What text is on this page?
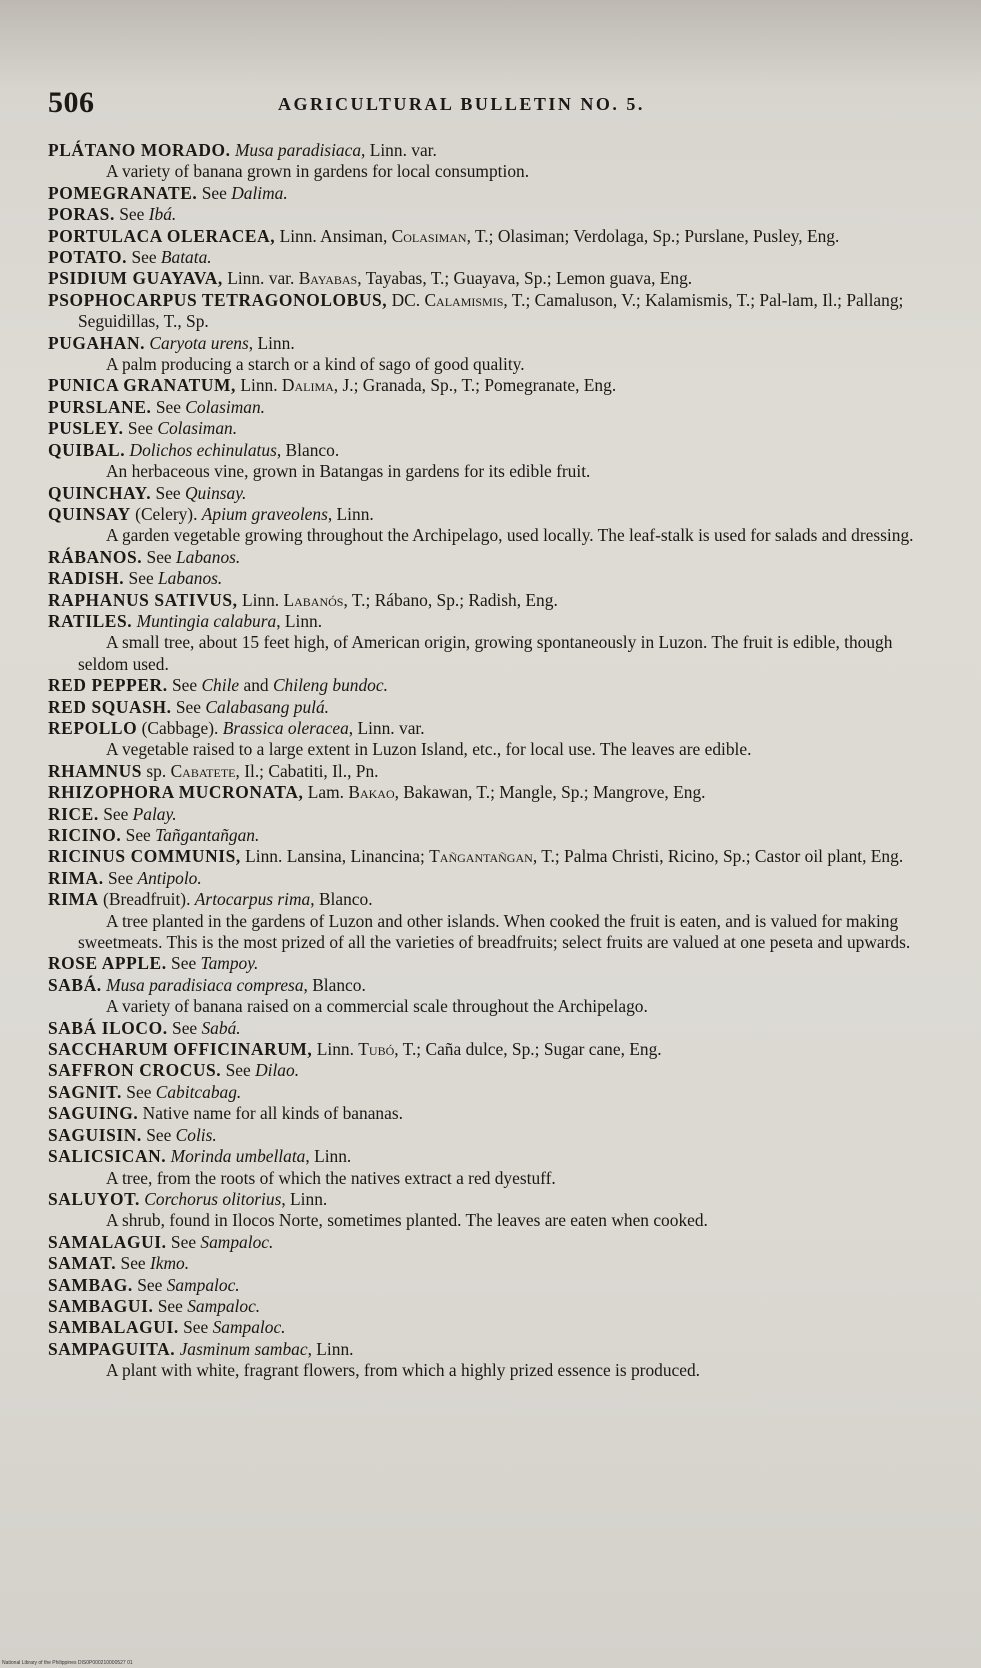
506	AGRICULTURAL BULLETIN NO. 5.

PLÁTANO MORADO. Musa paradisiaca, Linn. var.

A variety of banana grown in gardens for local consumption.

POMEGRANATE. See Dalima.

PORAS. See Ibá.

PORTULACA OLERACEA, Linn. Ansiman, Colasiman, T.; Olasiman; Verdolaga, Sp.; Purslane, Pusley, Eng.

POTATO. See Batata.

PSIDIUM GUAYAVA, Linn. var. Bayabas, Tayabas, T.; Guayava, Sp.; Lemon guava, Eng.

PSOPHOCARPUS TETRAGONOLOBUS, DC. Calamismis, T.; Camaluson, V.; Kalamismis, T.; Pal-lam, Il.; Pallang; Seguidillas, T., Sp.

PUGAHAN. Caryota urens, Linn.

A palm producing a starch or a kind of sago of good quality.

PUNICA GRANATUM, Linn. Dalima, J.; Granada, Sp., T.; Pomegranate, Eng.

PURSLANE. See Colasiman.

PUSLEY. See Colasiman.

QUIBAL. Dolichos echinulatus, Blanco.

An herbaceous vine, grown in Batangas in gardens for its edible fruit.

QUINCHAY. See Quinsay.

QUINSAY (Celery). Apium graveolens, Linn.

A garden vegetable growing throughout the Archipelago, used locally. The leaf-stalk is used for salads and dressing.

RÁBANOS. See Labanos.

RADISH. See Labanos.

RAPHANUS SATIVUS, Linn. Labanós, T.; Rábano, Sp.; Radish, Eng.

RATILES. Muntingia calabura, Linn.

A small tree, about 15 feet high, of American origin, growing spontaneously in Luzon. The fruit is edible, though seldom used.

RED PEPPER. See Chile and Chileng bundoc.

RED SQUASH. See Calabasang pulá.

REPOLLO (Cabbage). Brassica oleracea, Linn. var.

A vegetable raised to a large extent in Luzon Island, etc., for local use. The leaves are edible.

RHAMNUS sp. Cabatete, Il.; Cabatiti, Il., Pn.

RHIZOPHORA MUCRONATA, Lam. Bakao, Bakawan, T.; Mangle, Sp.; Mangrove, Eng.

RICE. See Palay.

RICINO. See Tañgantañgan.

RICINUS COMMUNIS, Linn. Lansina, Linancina; Tañgantañgan, T.; Palma Christi, Ricino, Sp.; Castor oil plant, Eng.

RIMA. See Antipolo.

RIMA (Breadfruit). Artocarpus rima, Blanco.

A tree planted in the gardens of Luzon and other islands. When cooked the fruit is eaten, and is valued for making sweetmeats. This is the most prized of all the varieties of breadfruits; select fruits are valued at one peseta and upwards.

ROSE APPLE. See Tampoy.

SABÁ. Musa paradisiaca compresa, Blanco.

A variety of banana raised on a commercial scale throughout the Archipelago.

SABÁ ILOCO. See Sabá.

SACCHARUM OFFICINARUM, Linn. Tubó, T.; Caña dulce, Sp.; Sugar cane, Eng.

SAFFRON CROCUS. See Dilao.

SAGNIT. See Cabitcabag.

SAGUING. Native name for all kinds of bananas.

SAGUISIN. See Colis.

SALICSICAN. Morinda umbellata, Linn.

A tree, from the roots of which the natives extract a red dyestuff.

SALUYOT. Corchorus olitorius, Linn.

A shrub, found in Ilocos Norte, sometimes planted. The leaves are eaten when cooked.

SAMALAGUI. See Sampaloc.

SAMAT. See Ikmo.

SAMBAG. See Sampaloc.

SAMBAGUI. See Sampaloc.

SAMBALAGUI. See Sampaloc.

SAMPAGUITA. Jasminum sambac, Linn.

A plant with white, fragrant flowers, from which a highly prized essence is produced.

National Library of the Philippines DIS0P000210000527 01
